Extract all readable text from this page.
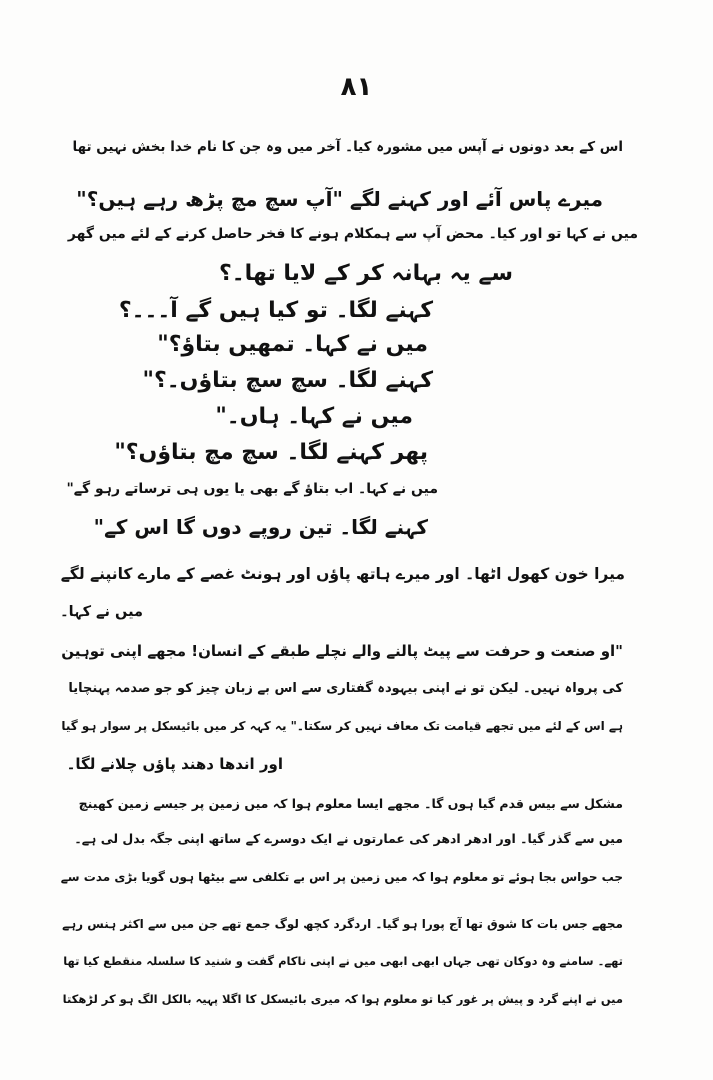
۸۱
اس کے بعد دونوں نے آپس میں مشورہ کیا۔ آخر میں وہ جن کا نام خدا بخش نہیں تھا
میرے پاس آئے اور کہنے لگے "آپ سچ مچ پڑھ رہے ہیں؟"
میں نے کہا تو اور کیا۔ محض آپ سے ہمکلام ہونے کا فخر حاصل کرنے کے لئے میں گھر
سے یہ بہانہ کر کے لایا تھا۔؟
کہنے لگا۔ تو کیا ہیں گے آ۔۔۔؟
میں نے کہا۔ تمھیں بتاؤ؟"
کہنے لگا۔ سچ سچ بتاؤں۔؟"
میں نے کہا۔ ہاں۔"
پھر کہنے لگا۔ سچ مچ بتاؤں؟"
میں نے کہا۔ اب بتاؤ گے بھی یا یوں ہی ترساتے رہو گے"
کہنے لگا۔ تین روپے دوں گا اس کے"
میرا خون کھول اٹھا۔ اور میرے ہاتھ پاؤں اور ہونٹ غصے کے مارے کانپنے لگے
میں نے کہا۔
"او صنعت و حرفت سے پیٹ پالنے والے نچلے طبقے کے انسان! مجھے اپنی توہین
کی پرواہ نہیں۔ لیکن تو نے اپنی بیہودہ گفتاری سے اس بے زبان چیز کو جو صدمہ پہنچایا
ہے اس کے لئے میں تجھے قیامت تک معاف نہیں کر سکتا۔" یہ کہہ کر میں بائیسکل پر سوار ہو گیا
اور اندھا دھند پاؤں چلانے لگا۔
مشکل سے بیس قدم گیا ہوں گا۔ مجھے ایسا معلوم ہوا کہ میں زمین پر جیسے زمین کھینچ
میں سے گذر گیا۔ اور ادھر ادھر کی عمارتوں نے ایک دوسرے کے ساتھ اپنی جگہ بدل لی ہے۔
جب حواس بجا ہوئے تو معلوم ہوا کہ میں زمین پر اس بے تکلفی سے بیٹھا ہوں گویا بڑی مدت سے
مجھے جس بات کا شوق تھا آج پورا ہو گیا۔ اردگرد کچھ لوگ جمع تھے جن میں سے اکثر ہنس رہے
تھے۔ سامنے وہ دوکان تھی جہاں ابھی ابھی میں نے اپنی ناکام گفت و شنید کا سلسلہ منقطع کیا تھا
میں نے اپنے گرد و پیش پر غور کیا تو معلوم ہوا کہ میری بائیسکل کا اگلا پہیہ بالکل الگ ہو کر لڑھکتا
